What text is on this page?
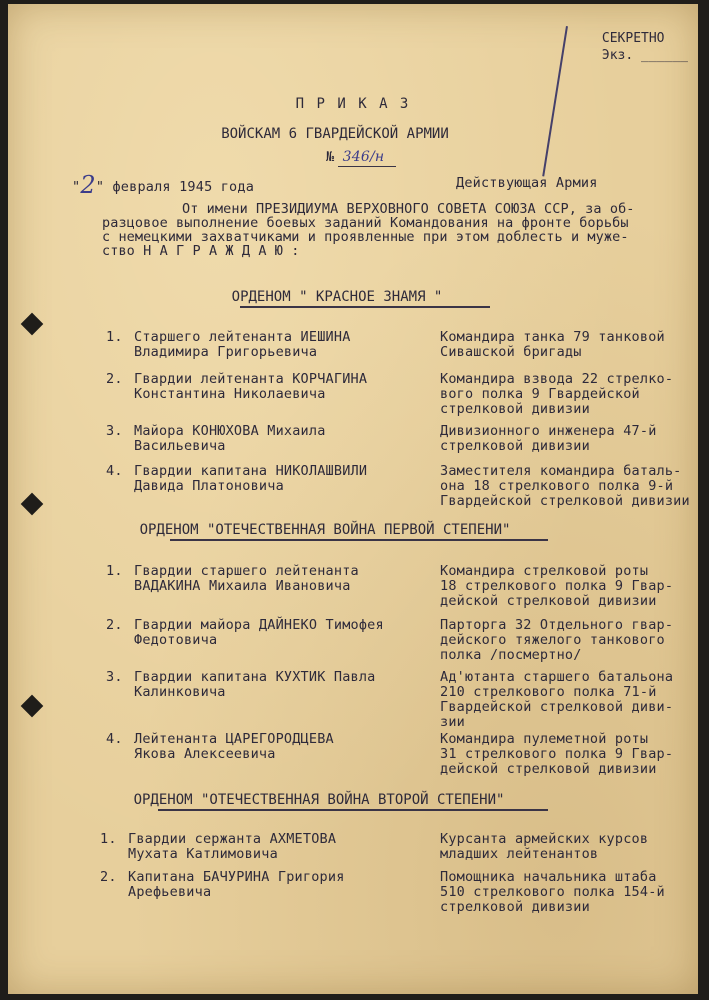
СЕКРЕТНО
Экз. ______
П Р И К А З
ВОЙСКАМ 6 ГВАРДЕЙСКОЙ АРМИИ
№ 346/н
"2" февраля 1945 года	Действующая Армия
От имени ПРЕЗИДИУМА ВЕРХОВНОГО СОВЕТА СОЮЗА ССР, за об-
разцовое выполнение боевых заданий Командования на фронте борьбы
с немецкими захватчиками и проявленные при этом доблесть и муже-
ство Н А Г Р А Ж Д А Ю :
ОРДЕНОМ " КРАСНОЕ ЗНАМЯ "
1. Старшего лейтенанта ИЕШИНА
Владимира Григорьевича
Командира танка 79 танковой
Сивашской бригады
2. Гвардии лейтенанта КОРЧАГИНА
Константина Николаевича
Командира взвода 22 стрелко-
вого полка 9 Гвардейской
стрелковой дивизии
3. Майора КОНЮХОВА Михаила
Васильевича
Дивизионного инженера 47-й
стрелковой дивизии
4. Гвардии капитана НИКОЛАШВИЛИ
Давида Платоновича
Заместителя командира баталь-
она 18 стрелкового полка 9-й
Гвардейской стрелковой дивизии
ОРДЕНОМ "ОТЕЧЕСТВЕННАЯ ВОЙНА ПЕРВОЙ СТЕПЕНИ"
1. Гвардии старшего лейтенанта
ВАДАКИНА Михаила Ивановича
Командира стрелковой роты
18 стрелкового полка 9 Гвар-
дейской стрелковой дивизии
2. Гвардии майора ДАЙНЕКО Тимофея
Федотовича
Парторга 32 Отдельного гвар-
дейского тяжелого танкового
полка /посмертно/
3. Гвардии капитана КУХТИК Павла
Калинковича
Ад'ютанта старшего батальона
210 стрелкового полка 71-й
Гвардейской стрелковой диви-
зии
4. Лейтенанта ЦАРЕГОРОДЦЕВА
Якова Алексеевича
Командира пулеметной роты
31 стрелкового полка 9 Гвар-
дейской стрелковой дивизии
ОРДЕНОМ "ОТЕЧЕСТВЕННАЯ ВОЙНА ВТОРОЙ СТЕПЕНИ"
1. Гвардии сержанта АХМЕТОВА
Мухата Катлимовича
Курсанта армейских курсов
младших лейтенантов
2. Капитана БАЧУРИНА Григория
Арефьевича
Помощника начальника штаба
510 стрелкового полка 154-й
стрелковой дивизии
